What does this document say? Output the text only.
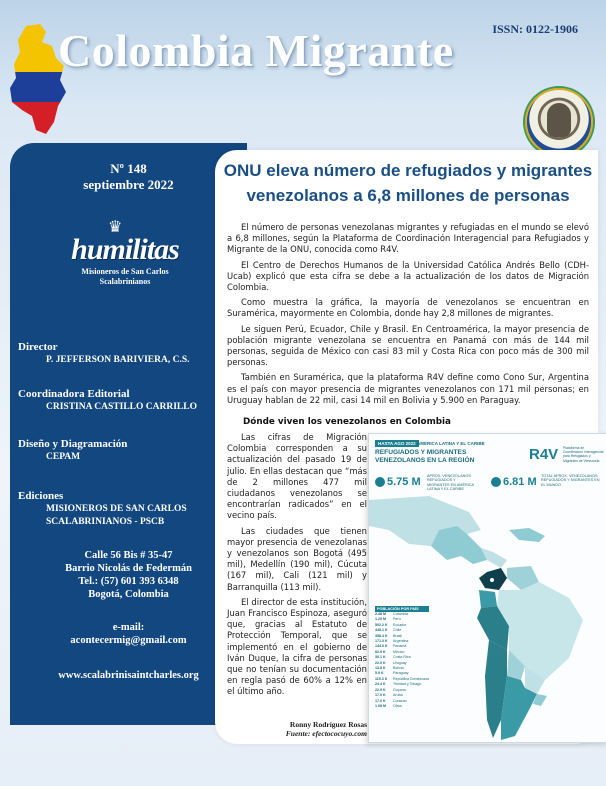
ISSN: 0122-1906
Colombia Migrante
Nº 148
septiembre 2022
♛
humilitas
Misioneros de San Carlos
Scalabrinianos
Director
P. JEFFERSON BARIVIERA, C.S.
Coordinadora Editorial
CRISTINA CASTILLO CARRILLO
Diseño y Diagramación
CEPAM
Ediciones
MISIONEROS DE SAN CARLOS
SCALABRINIANOS - PSCB
Calle 56 Bis # 35-47
Barrio Nicolás de Federmán
Tel.: (57) 601 393 6348
Bogotá, Colombia
e-mail:
acontecermig@gmail.com
www.scalabrinisaintcharles.org
ONU eleva número de refugiados y migrantes venezolanos a 6,8 millones de personas

El número de personas venezolanas migrantes y refugiadas en el mundo se elevó a 6,8 millones, según la Plataforma de Coordinación Interagencial para Refugiados y Migrante de la ONU, conocida como R4V.

El Centro de Derechos Humanos de la Universidad Católica Andrés Bello (CDH-Ucab) explicó que esta cifra se debe a la actualización de los datos de Migración Colombia.

Como muestra la gráfica, la mayoría de venezolanos se encuentran en Suramérica, mayormente en Colombia, donde hay 2,8 millones de migrantes.

Le siguen Perú, Ecuador, Chile y Brasil. En Centroamérica, la mayor presencia de población migrante venezolana se encuentra en Panamá con más de 144 mil personas, seguida de México con casi 83 mil y Costa Rica con poco más de 300 mil personas.

También en Suramérica, que la plataforma R4V define como Cono Sur, Argentina es el país con mayor presencia de migrantes venezolanos con 171 mil personas; en Uruguay hablan de 22 mil, casi 14 mil en Bolivia y 5.900 en Paraguay.

Dónde viven los venezolanos en Colombia

Las cifras de Migración Colombia corresponden a su actualización del pasado 19 de julio. En ellas destacan que “más de 2 millones 477 mil ciudadanos venezolanos se encontrarían radicados” en el vecino país.

Las ciudades que tienen mayor presencia de venezolanas y venezolanos son Bogotá (495 mil), Medellín (190 mil), Cúcuta (167 mil), Cali (121 mil) y Barranquilla (113 mil).

El director de esta institución, Juan Francisco Espinoza, aseguró que, gracias al Estatuto de Protección Temporal, que se implementó en el gobierno de Iván Duque, la cifra de personas que no tenían su documentación en regla pasó de 60% a 12% en el último año.

Ronny Rodríguez Rosas
Fuente: efectococuyo.com
HASTA AGO 2022 AMÉRICA LATINA Y EL CARIBE
REFUGIADOS Y MIGRANTES VENEZOLANOS EN LA REGIÓN	R4V Plataforma de Coordinación Interagencial para Refugiados y Migrantes de Venezuela
5.75 M APROX. VENEZOLANOS REFUGIADOS Y MIGRANTES EN AMÉRICA LATINA Y EL CARIBE
6.81 M TOTAL APROX. VENEZOLANOS REFUGIADOS Y MIGRANTES EN EL MUNDO
POBLACIÓN POR PAÍS
2.48 M Colombia
1.29 M Perú
502.2 K Ecuador
448.1 K Chile
358.4 K Brasil
171.0 K Argentina
144.0 K Panamá
82.9 K México
30.1 K Costa Rica
22.0 K Uruguay
13.8 K Bolivia
5.9 K	Paraguay
115.3 K República Dominicana
24.4 K Trinidad y Tobago
22.9 K Guyana
17.0 K Aruba
17.0 K Curazao
1.08 M Otros
